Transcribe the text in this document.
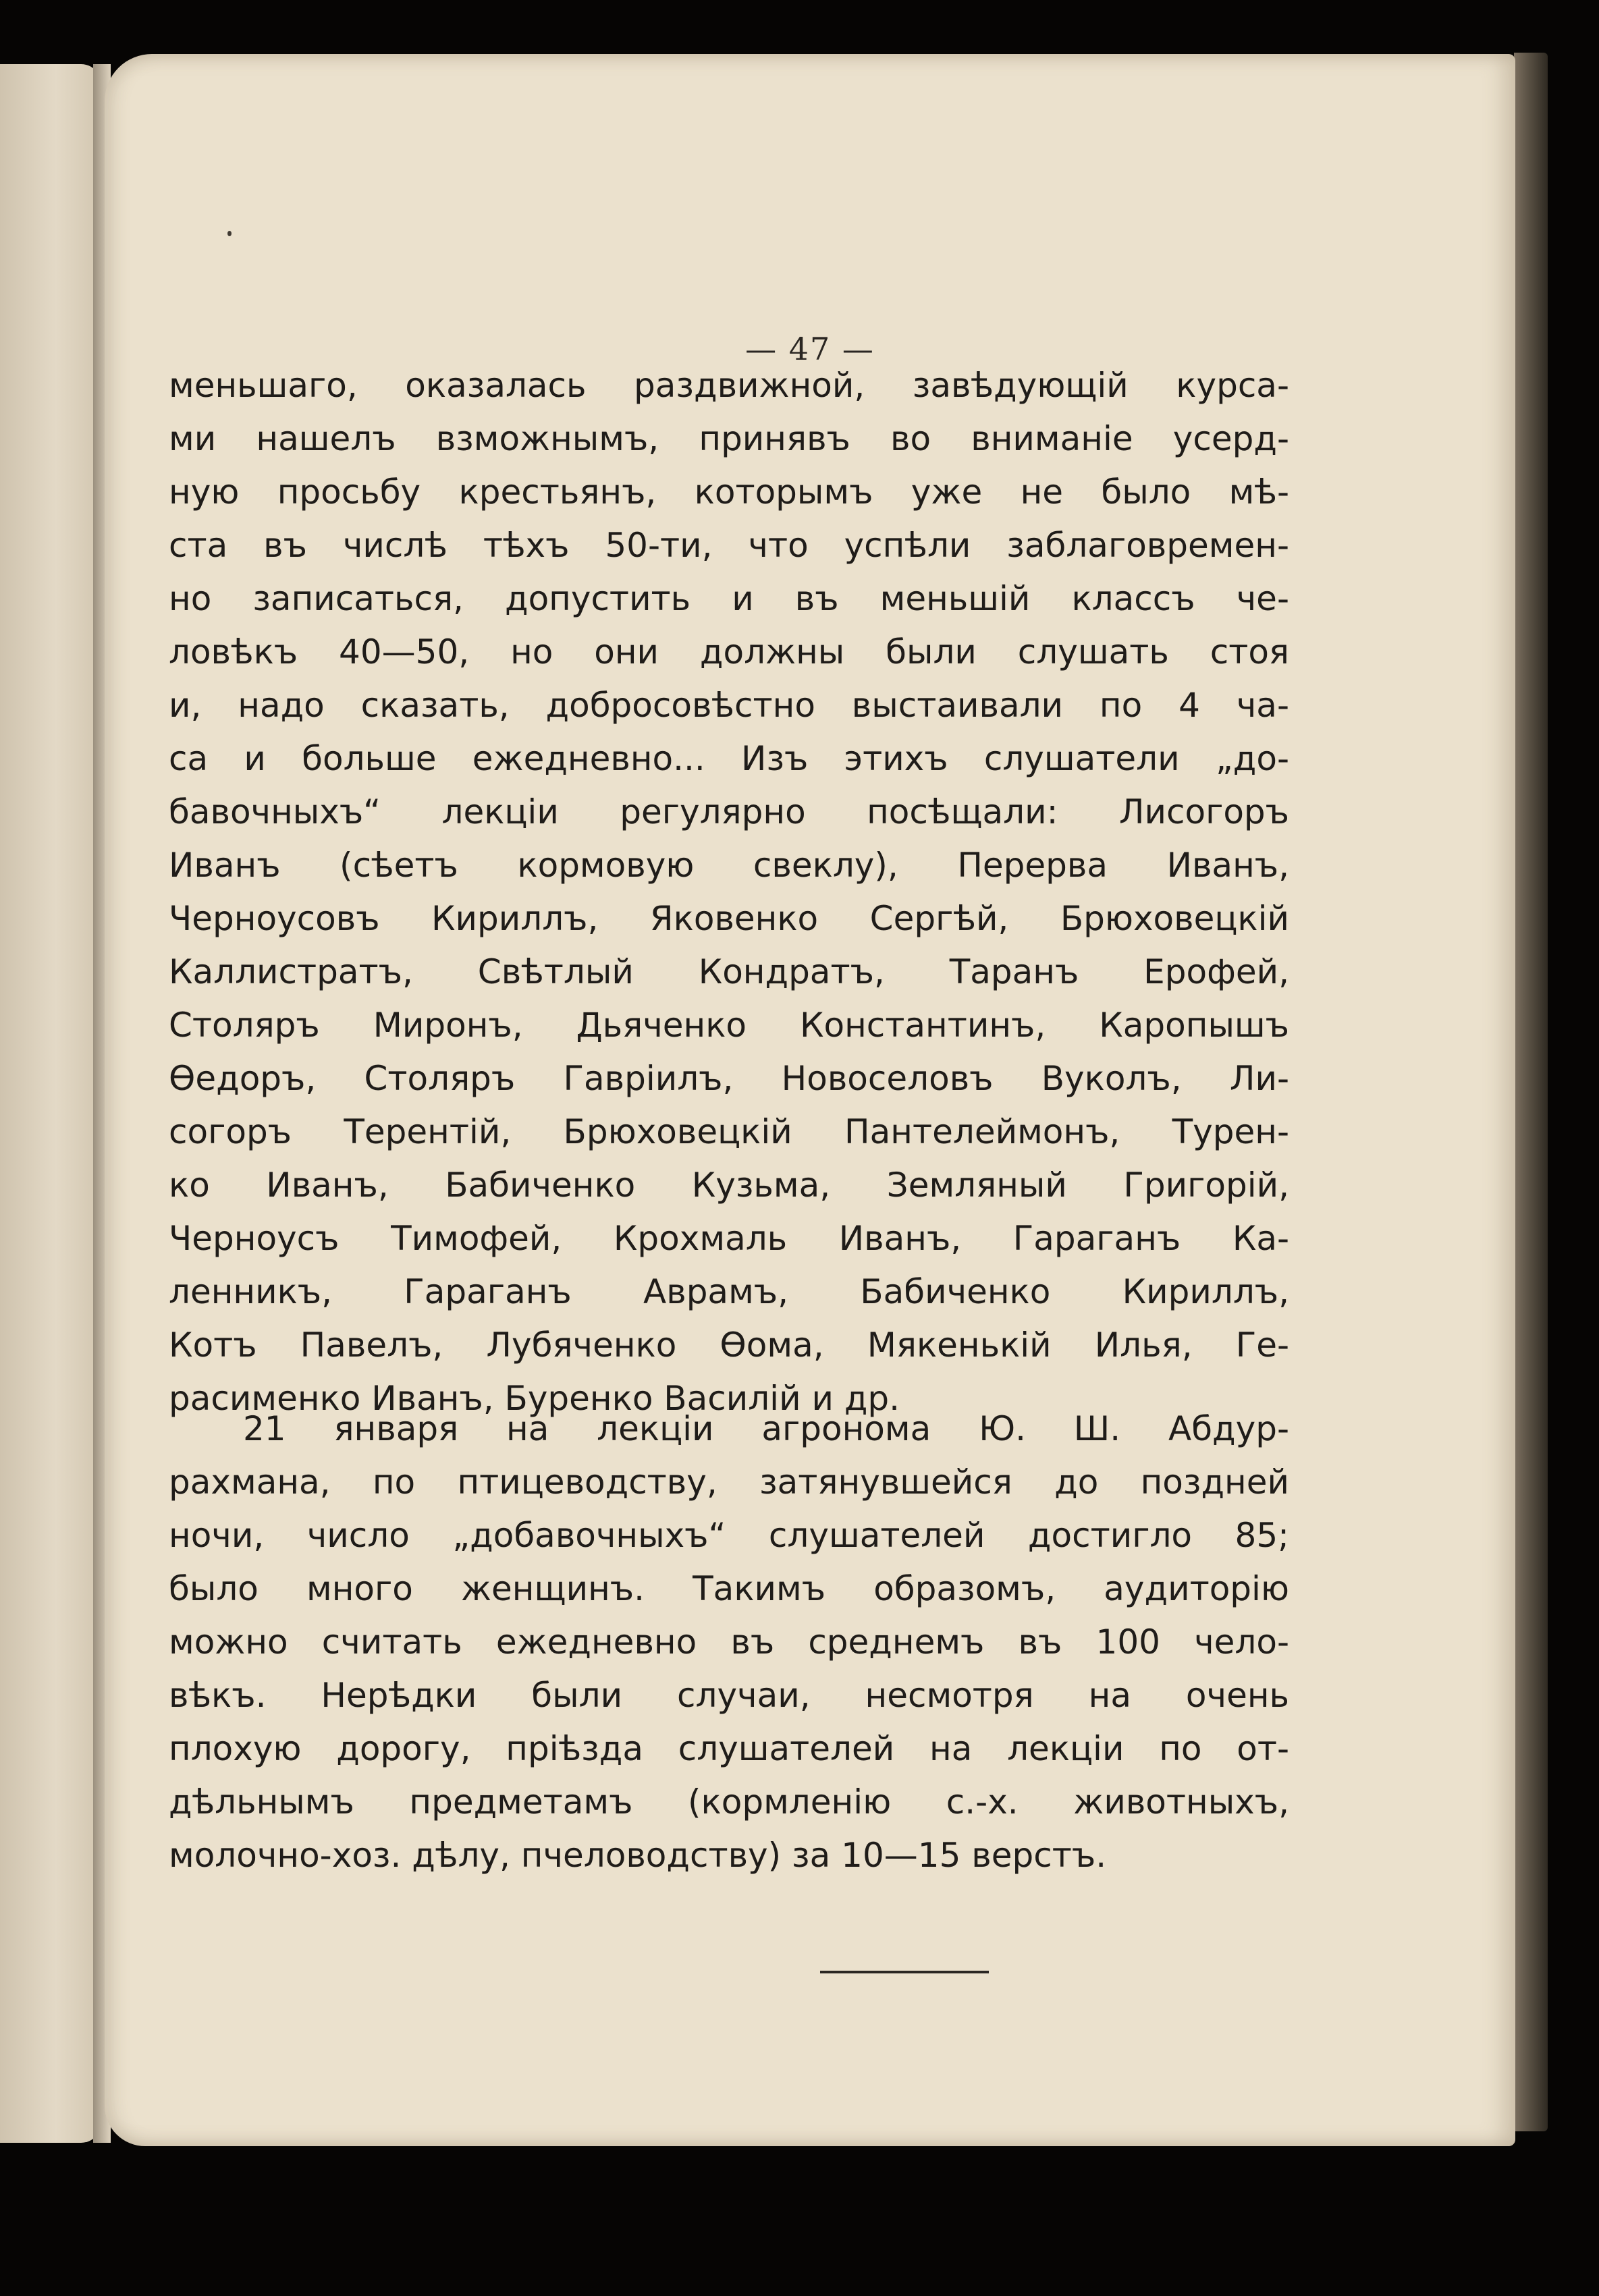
— 47 —
меньшаго, оказалась раздвижной, завѣдующій курса-
ми нашелъ взможнымъ, принявъ во вниманіе усерд-
ную просьбу крестьянъ, которымъ уже не было мѣ-
ста въ числѣ тѣхъ 50-ти, что успѣли заблаговремен-
но записаться, допустить и въ меньшій классъ че-
ловѣкъ 40—50, но они должны были слушать стоя
и, надо сказать, добросовѣстно выстаивали по 4 ча-
са и больше ежедневно... Изъ этихъ слушатели „до-
бавочныхъ“ лекціи регулярно посѣщали: Лисогоръ
Иванъ (сѣетъ кормовую свеклу), Перерва Иванъ,
Черноусовъ Кириллъ, Яковенко Сергѣй, Брюховецкій
Каллистратъ, Свѣтлый Кондратъ, Таранъ Ерофей,
Столяръ Миронъ, Дьяченко Константинъ, Каропышъ
Ѳедоръ, Столяръ Гавріилъ, Новоселовъ Вуколъ, Ли-
согоръ Терентій, Брюховецкій Пантелеймонъ, Турен-
ко Иванъ, Бабиченко Кузьма, Земляный Григорій,
Черноусъ Тимофей, Крохмаль Иванъ, Гараганъ Ка-
ленникъ, Гараганъ Аврамъ, Бабиченко Кириллъ,
Котъ Павелъ, Лубяченко Ѳома, Мякенькій Илья, Ге-
расименко Иванъ, Буренко Василій и др.
21 января на лекціи агронома Ю. Ш. Абдур-
рахмана, по птицеводству, затянувшейся до поздней
ночи, число „добавочныхъ“ слушателей достигло 85;
было много женщинъ. Такимъ образомъ, аудиторію
можно считать ежедневно въ среднемъ въ 100 чело-
вѣкъ. Нерѣдки были случаи, несмотря на очень
плохую дорогу, пріѣзда слушателей на лекціи по от-
дѣльнымъ предметамъ (кормленію с.-х. животныхъ,
молочно-хоз. дѣлу, пчеловодству) за 10—15 верстъ.
